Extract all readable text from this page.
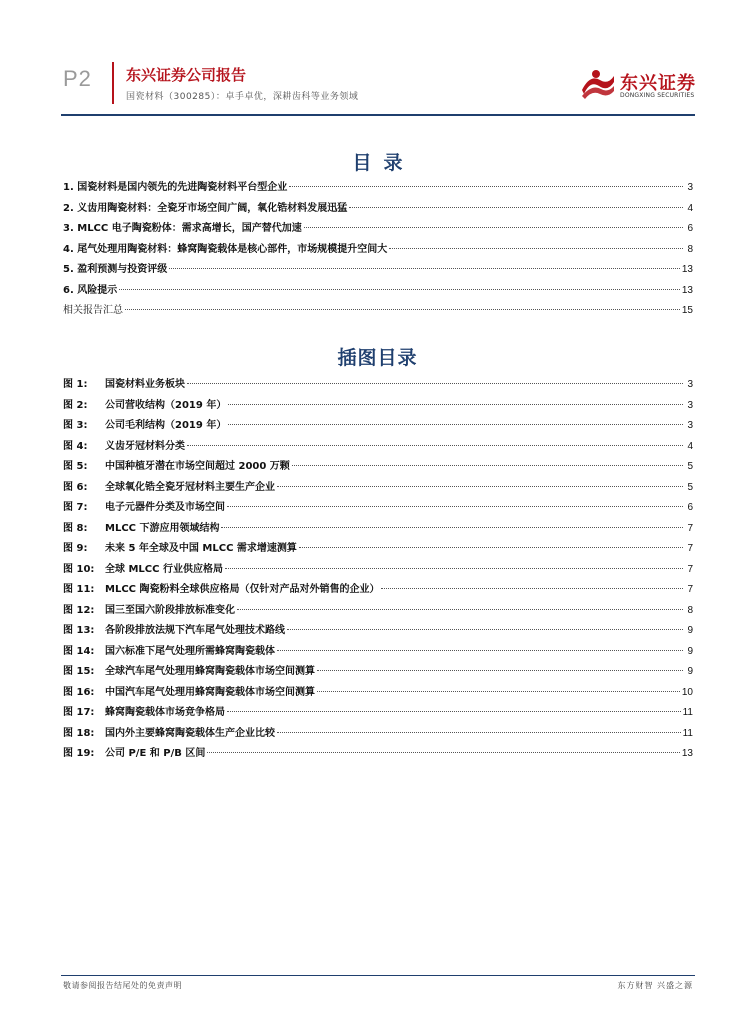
P2 东兴证券公司报告
国瓷材料（300285）：卓手卓优，深耕齿科等业务领域
东兴证券
DONGXING SECURITIES
目录
1. 国瓷材料是国内领先的先进陶瓷材料平台型企业	3
2. 义齿用陶瓷材料：全瓷牙市场空间广阔，氧化锆材料发展迅猛	4
3. MLCC 电子陶瓷粉体：需求高增长，国产替代加速	6
4. 尾气处理用陶瓷材料：蜂窝陶瓷载体是核心部件，市场规模提升空间大	8
5. 盈利预测与投资评级	13
6. 风险提示	13
相关报告汇总	15
插图目录
图 1:	国瓷材料业务板块	3
图 2:	公司营收结构（2019 年）	3
图 3:	公司毛利结构（2019 年）	3
图 4:	义齿牙冠材料分类	4
图 5:	中国种植牙潜在市场空间超过 2000 万颗	5
图 6:	全球氧化锆全瓷牙冠材料主要生产企业	5
图 7:	电子元器件分类及市场空间	6
图 8:	MLCC 下游应用领域结构	7
图 9:	未来 5 年全球及中国 MLCC 需求增速测算	7
图 10:	全球 MLCC 行业供应格局	7
图 11:	MLCC 陶瓷粉料全球供应格局（仅针对产品对外销售的企业）	7
图 12:	国三至国六阶段排放标准变化	8
图 13:	各阶段排放法规下汽车尾气处理技术路线	9
图 14:	国六标准下尾气处理所需蜂窝陶瓷载体	9
图 15:	全球汽车尾气处理用蜂窝陶瓷载体市场空间测算	9
图 16:	中国汽车尾气处理用蜂窝陶瓷载体市场空间测算	10
图 17:	蜂窝陶瓷载体市场竞争格局	11
图 18:	国内外主要蜂窝陶瓷载体生产企业比较	11
图 19:	公司 P/E 和 P/B 区间	13
敬请参阅报告结尾处的免责声明	东方财智 兴盛之源
